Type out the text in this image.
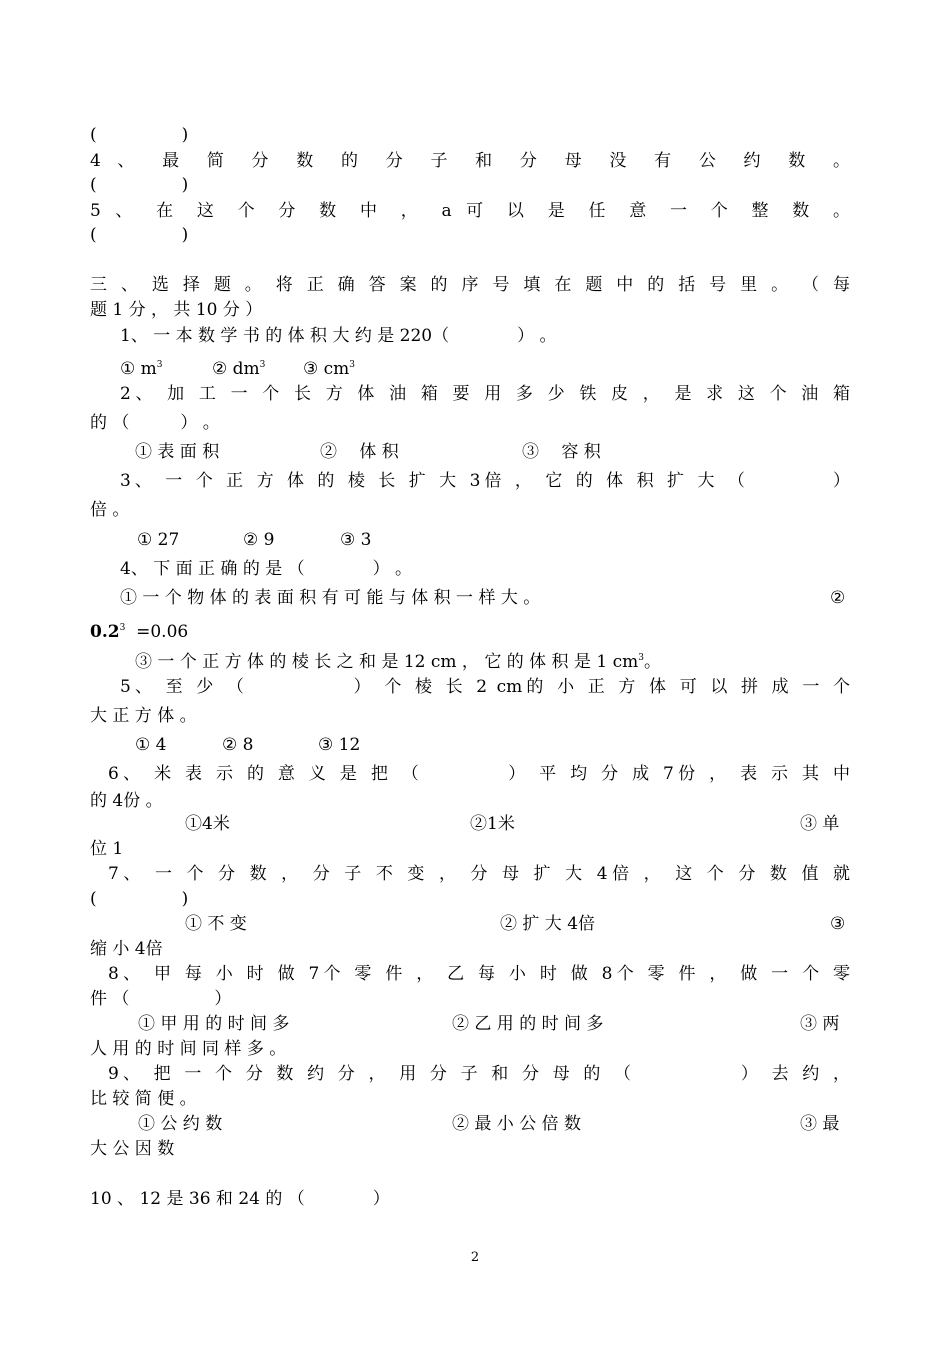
(　　　　　)
4 、 最 简 分 数 的 分 子 和 分 母 没 有 公 约 数 。
(　　　　　)
5 、 在 这 个 分 数 中 ， a 可 以 是 任 意 一 个 整 数 。
(　　　　　)
三 、 选 择 题 。 将 正 确 答 案 的 序 号 填 在 题 中 的 括 号 里 。 （ 每
题 1 分 ， 共 10 分 ）
1、 一 本 数 学 书 的 体 积 大 约 是 220（　　　　） 。
① $m^3$	② $dm^3$ ③ $cm^3$
2、 加 工 一 个 长 方 体 油 箱 要 用 多 少 铁 皮 ， 是 求 这 个 油 箱
的 （　　　） 。
① 表 面 积	② 　体 积	③ 　容 积
3、 一 个 正 方 体 的 棱 长 扩 大 3倍 ， 它 的 体 积 扩 大 （　　　　）
倍 。
① 27	② 9	③ 3
4、 下 面 正 确 的 是 （　　　　） 。
① 一 个 物 体 的 表 面 积 有 可 能 与 体 积 一 样 大 。	②
$0.2^3 =0.06$
③ 一 个 正 方 体 的 棱 长 之 和 是 12 cm ， 它 的 体 积 是 1 $cm^3$。
5、 至 少 （　　　　　） 个 棱 长 2 cm的 小 正 方 体 可 以 拼 成 一 个
大 正 方 体 。
① 4	② 8	③ 12
6、 米 表 示 的 意 义 是 把 （　　　　） 平 均 分 成 7份 ， 表 示 其 中
的 4份 。
①4米	②1米	③ 单
位 1
7、 一 个 分 数 ， 分 子 不 变 ， 分 母 扩 大 4倍 ， 这 个 分 数 值 就
(　　　　　)
① 不 变	② 扩 大 4倍	③
缩 小 4倍
8、 甲 每 小 时 做 7个 零 件 ， 乙 每 小 时 做 8个 零 件 ， 做 一 个 零
件 （　　　　　）
① 甲 用 的 时 间 多	② 乙 用 的 时 间 多	③ 两
人 用 的 时 间 同 样 多 。
9、 把 一 个 分 数 约 分 ， 用 分 子 和 分 母 的 （　　　　　） 去 约 ，
比 较 简 便 。
① 公 约 数	② 最 小 公 倍 数	③ 最
大 公 因 数
10 、 12 是 36 和 24 的 （　　　　）
2
